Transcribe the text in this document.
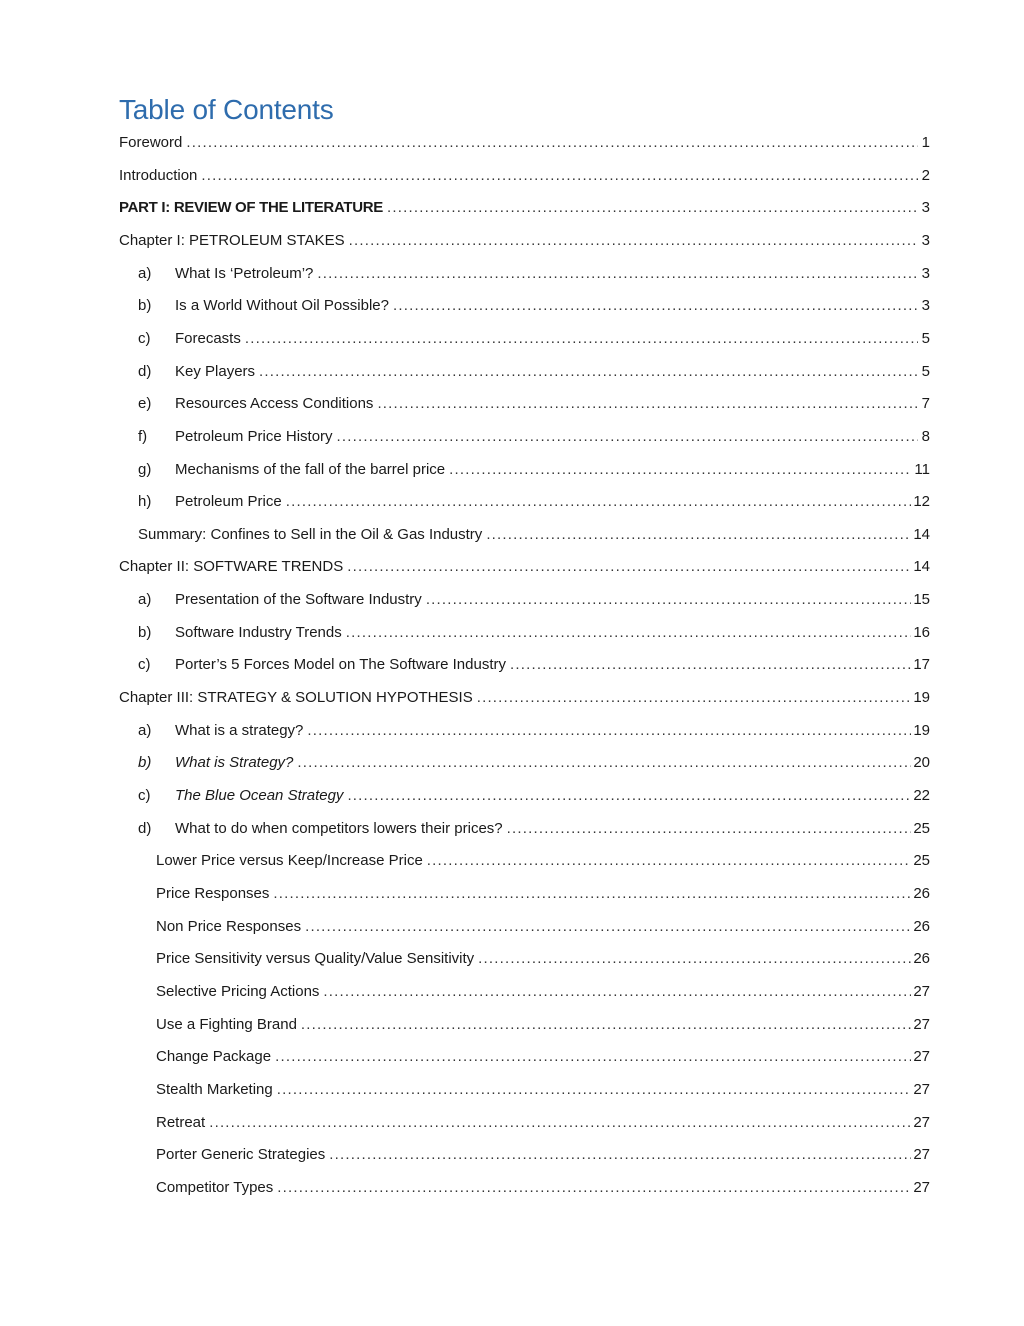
Table of Contents
Foreword .....	1
Introduction .....	2
PART I: REVIEW OF THE LITERATURE .....	3
Chapter I: PETROLEUM STAKES .....	3
a)	What Is ‘Petroleum’? .....	3
b)	Is a World Without Oil Possible? .....	3
c)	Forecasts .....	5
d)	Key Players .....	5
e)	Resources Access Conditions .....	7
f)	Petroleum Price History .....	8
g)	Mechanisms of the fall of the barrel price .....	11
h)	Petroleum Price .....	12
Summary: Confines to Sell in the Oil & Gas Industry .....	14
Chapter II: SOFTWARE TRENDS .....	14
a)	Presentation of the Software Industry .....	15
b)	Software Industry Trends .....	16
c)	Porter’s 5 Forces Model on The Software Industry .....	17
Chapter III: STRATEGY & SOLUTION HYPOTHESIS .....	19
a)	What is a strategy? .....	19
b)	What is Strategy? .....	20
c)	The Blue Ocean Strategy .....	22
d)	What to do when competitors lowers their prices? .....	25
Lower Price versus Keep/Increase Price .....	25
Price Responses .....	26
Non Price Responses .....	26
Price Sensitivity versus Quality/Value Sensitivity .....	26
Selective Pricing Actions .....	27
Use a Fighting Brand .....	27
Change Package .....	27
Stealth Marketing .....	27
Retreat .....	27
Porter Generic Strategies .....	27
Competitor Types .....	27
